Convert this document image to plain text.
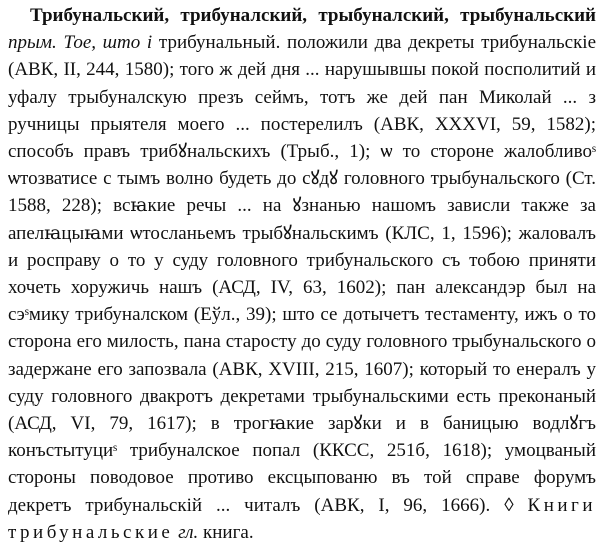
Трибунальский, трибуналский, трыбуналский, трыбунальский прым. Тое, што і трибунальный. положили два декреты трибунальскіе (АВК, II, 244, 1580); того ж дей дня ... нарушывшы покой посполитий и уфалу трыбуналскую презъ сеймъ, тотъ же дей пан Миколай ... з ручницы прыятеля моего ... постерелилъ (АВК, XXXVI, 59, 1582); способъ правъ трибꙋнальскихъ (Трыб., 1); ѡ то стороне жалобливоˢ ѡтозватисе с тымъ волно будеть до сꙋдꙋ головного трыбунальского (Ст. 1588, 228); всꙗкие речы ... на ꙋзнанью нашомъ зависли также за апелꙗцыꙗми ѡтосланьемъ трыбꙋнальскимъ (КЛС, 1, 1596); жаловалъ и росправу о то у суду головного трибунальского съ тобою приняти хочеть хоружичь нашъ (АСД, IV, 63, 1602); пан александэр был на сэˢмику трибуналском (Еўл., 39); што се дотычетъ тестаменту, ижъ о то сторона его милость, пана старосту до суду головного трыбунальского о задержане его запозвала (АВК, XVIII, 215, 1607); который то енералъ у суду головного двакротъ декретами трыбунальскими есть преконаный (АСД, VI, 79, 1617); в трогꙗкие зарꙋки и в баницыю водлꙋгъ конъстытуциˢ трибуналское попал (ККСС, 251б, 1618); умоцваный стороны поводовое противо ексцыпованю въ той справе форумъ декретъ трибунальскій ... читалъ (АВК, I, 96, 1666). ◊ Книги трибунальские гл. книга.
